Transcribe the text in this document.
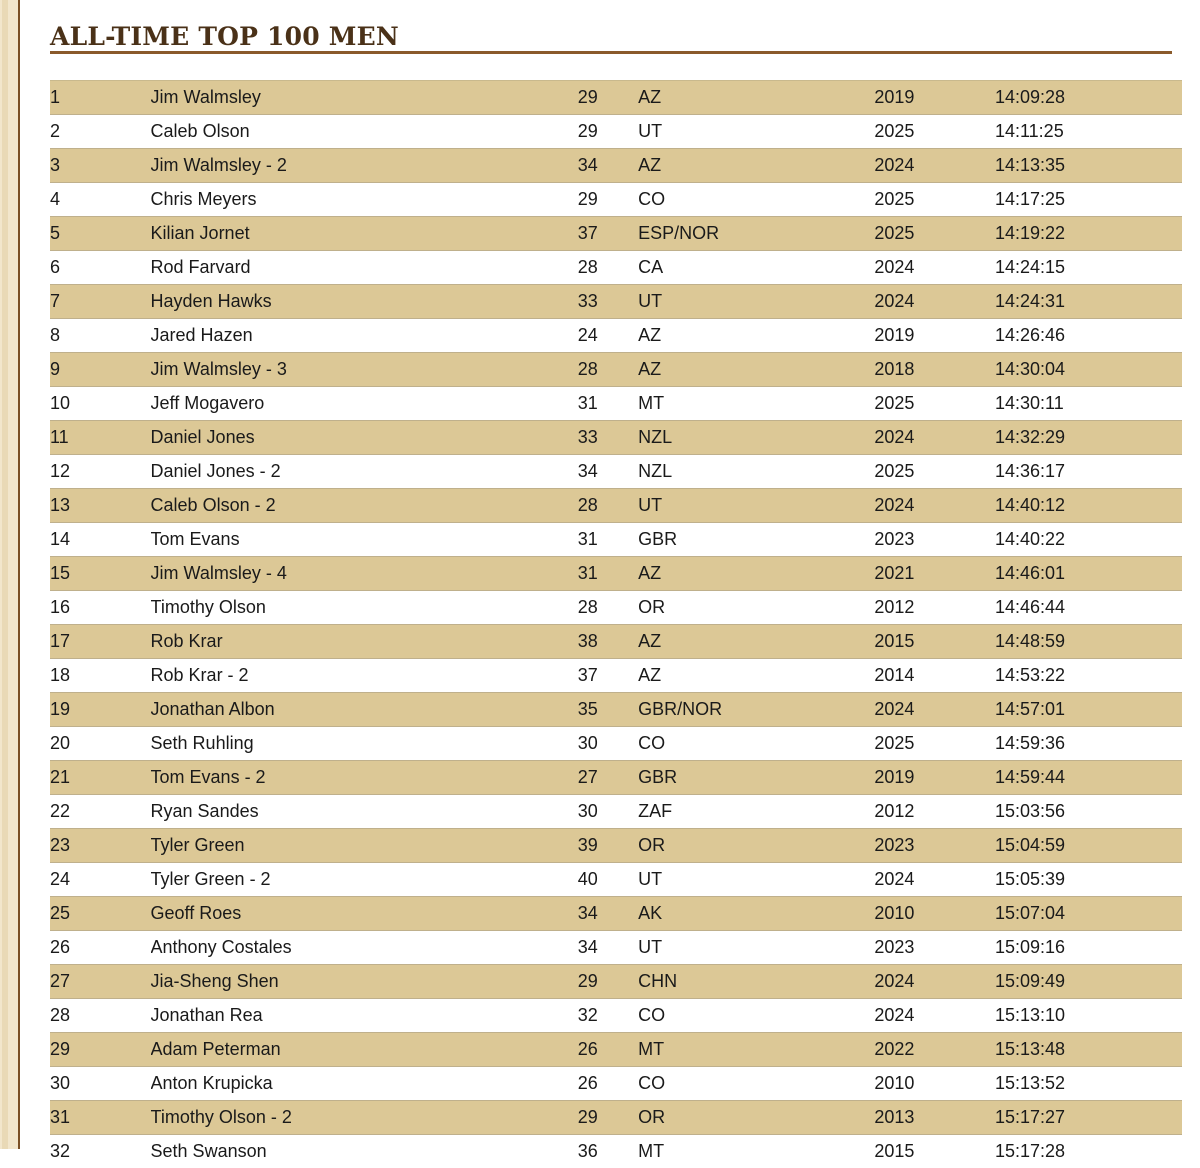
ALL-TIME TOP 100 MEN
1	Jim Walmsley	29	AZ	2019	14:09:28
2	Caleb Olson	29	UT	2025	14:11:25
3	Jim Walmsley - 2	34	AZ	2024	14:13:35
4	Chris Meyers	29	CO	2025	14:17:25
5	Kilian Jornet	37	ESP/NOR	2025	14:19:22
6	Rod Farvard	28	CA	2024	14:24:15
7	Hayden Hawks	33	UT	2024	14:24:31
8	Jared Hazen	24	AZ	2019	14:26:46
9	Jim Walmsley - 3	28	AZ	2018	14:30:04
10	Jeff Mogavero	31	MT	2025	14:30:11
11	Daniel Jones	33	NZL	2024	14:32:29
12	Daniel Jones - 2	34	NZL	2025	14:36:17
13	Caleb Olson - 2	28	UT	2024	14:40:12
14	Tom Evans	31	GBR	2023	14:40:22
15	Jim Walmsley - 4	31	AZ	2021	14:46:01
16	Timothy Olson	28	OR	2012	14:46:44
17	Rob Krar	38	AZ	2015	14:48:59
18	Rob Krar - 2	37	AZ	2014	14:53:22
19	Jonathan Albon	35	GBR/NOR	2024	14:57:01
20	Seth Ruhling	30	CO	2025	14:59:36
21	Tom Evans - 2	27	GBR	2019	14:59:44
22	Ryan Sandes	30	ZAF	2012	15:03:56
23	Tyler Green	39	OR	2023	15:04:59
24	Tyler Green - 2	40	UT	2024	15:05:39
25	Geoff Roes	34	AK	2010	15:07:04
26	Anthony Costales	34	UT	2023	15:09:16
27	Jia-Sheng Shen	29	CHN	2024	15:09:49
28	Jonathan Rea	32	CO	2024	15:13:10
29	Adam Peterman	26	MT	2022	15:13:48
30	Anton Krupicka	26	CO	2010	15:13:52
31	Timothy Olson - 2	29	OR	2013	15:17:27
32	Seth Swanson	36	MT	2015	15:17:28
